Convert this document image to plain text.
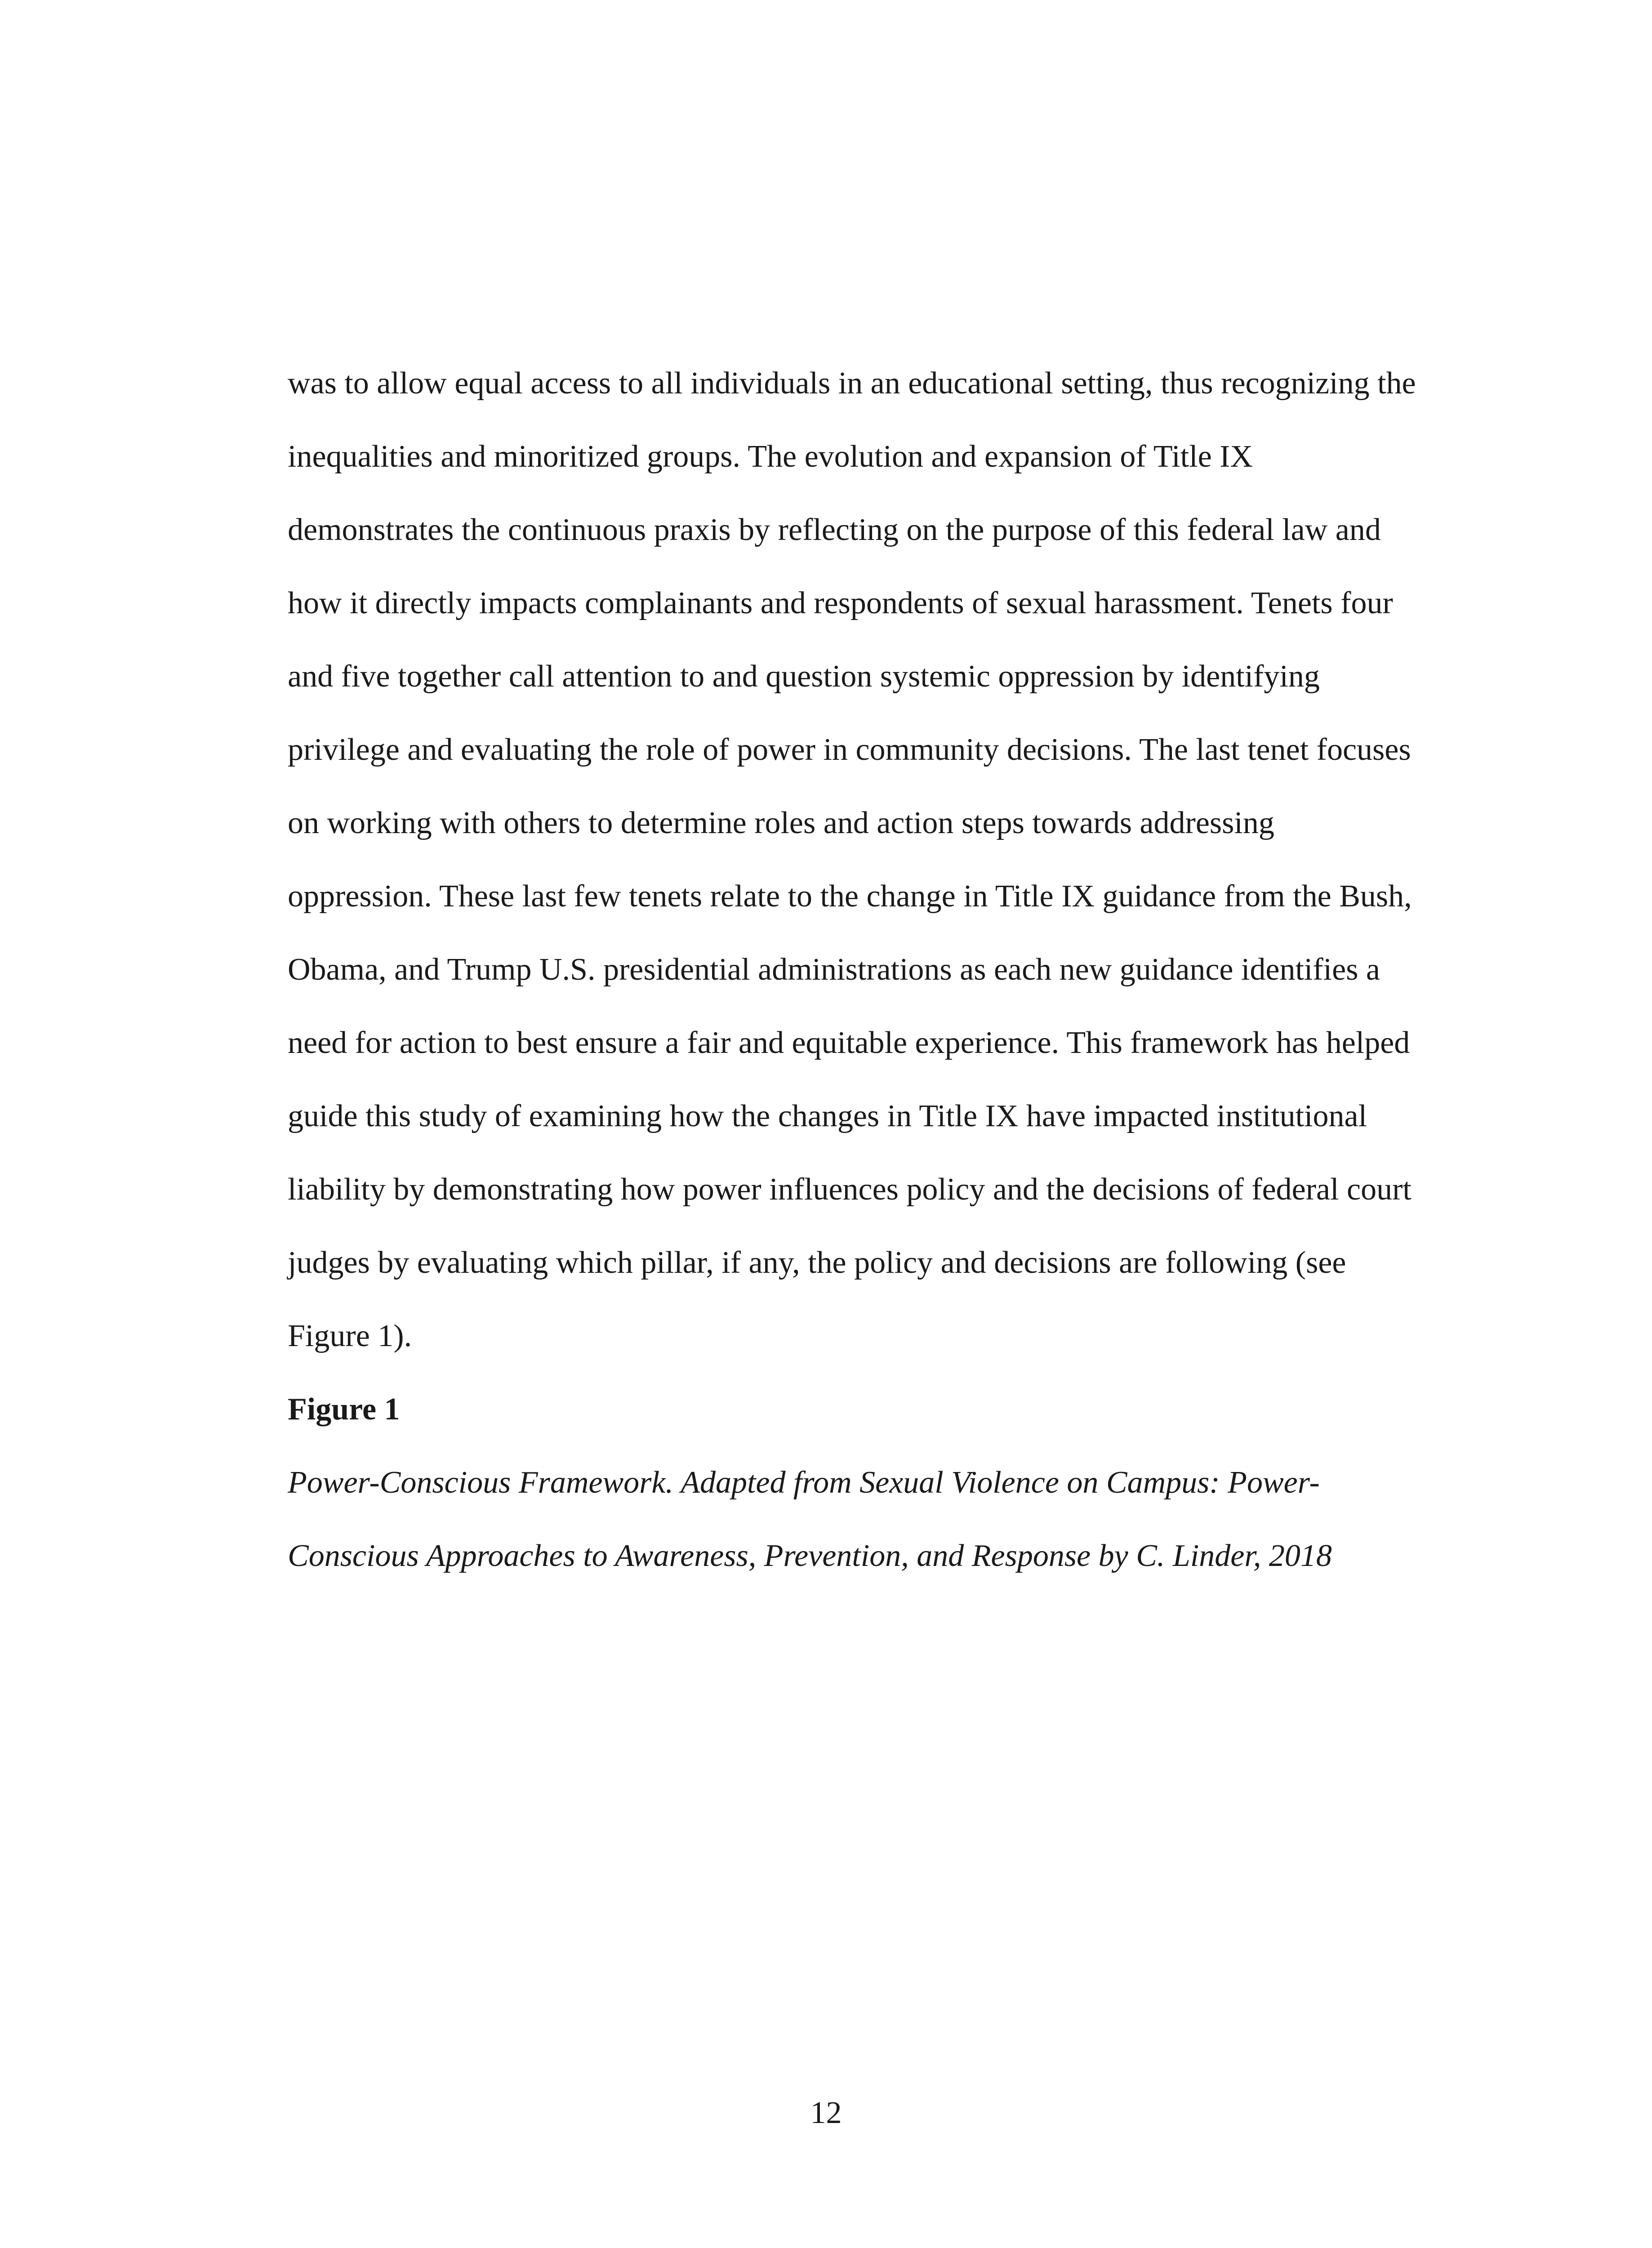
was to allow equal access to all individuals in an educational setting, thus recognizing the
inequalities and minoritized groups. The evolution and expansion of Title IX
demonstrates the continuous praxis by reflecting on the purpose of this federal law and
how it directly impacts complainants and respondents of sexual harassment. Tenets four
and five together call attention to and question systemic oppression by identifying
privilege and evaluating the role of power in community decisions. The last tenet focuses
on working with others to determine roles and action steps towards addressing
oppression. These last few tenets relate to the change in Title IX guidance from the Bush,
Obama, and Trump U.S. presidential administrations as each new guidance identifies a
need for action to best ensure a fair and equitable experience. This framework has helped
guide this study of examining how the changes in Title IX have impacted institutional
liability by demonstrating how power influences policy and the decisions of federal court
judges by evaluating which pillar, if any, the policy and decisions are following (see
Figure 1).
Figure 1
Power-Conscious Framework. Adapted from Sexual Violence on Campus: Power-
Conscious Approaches to Awareness, Prevention, and Response by C. Linder, 2018
12
